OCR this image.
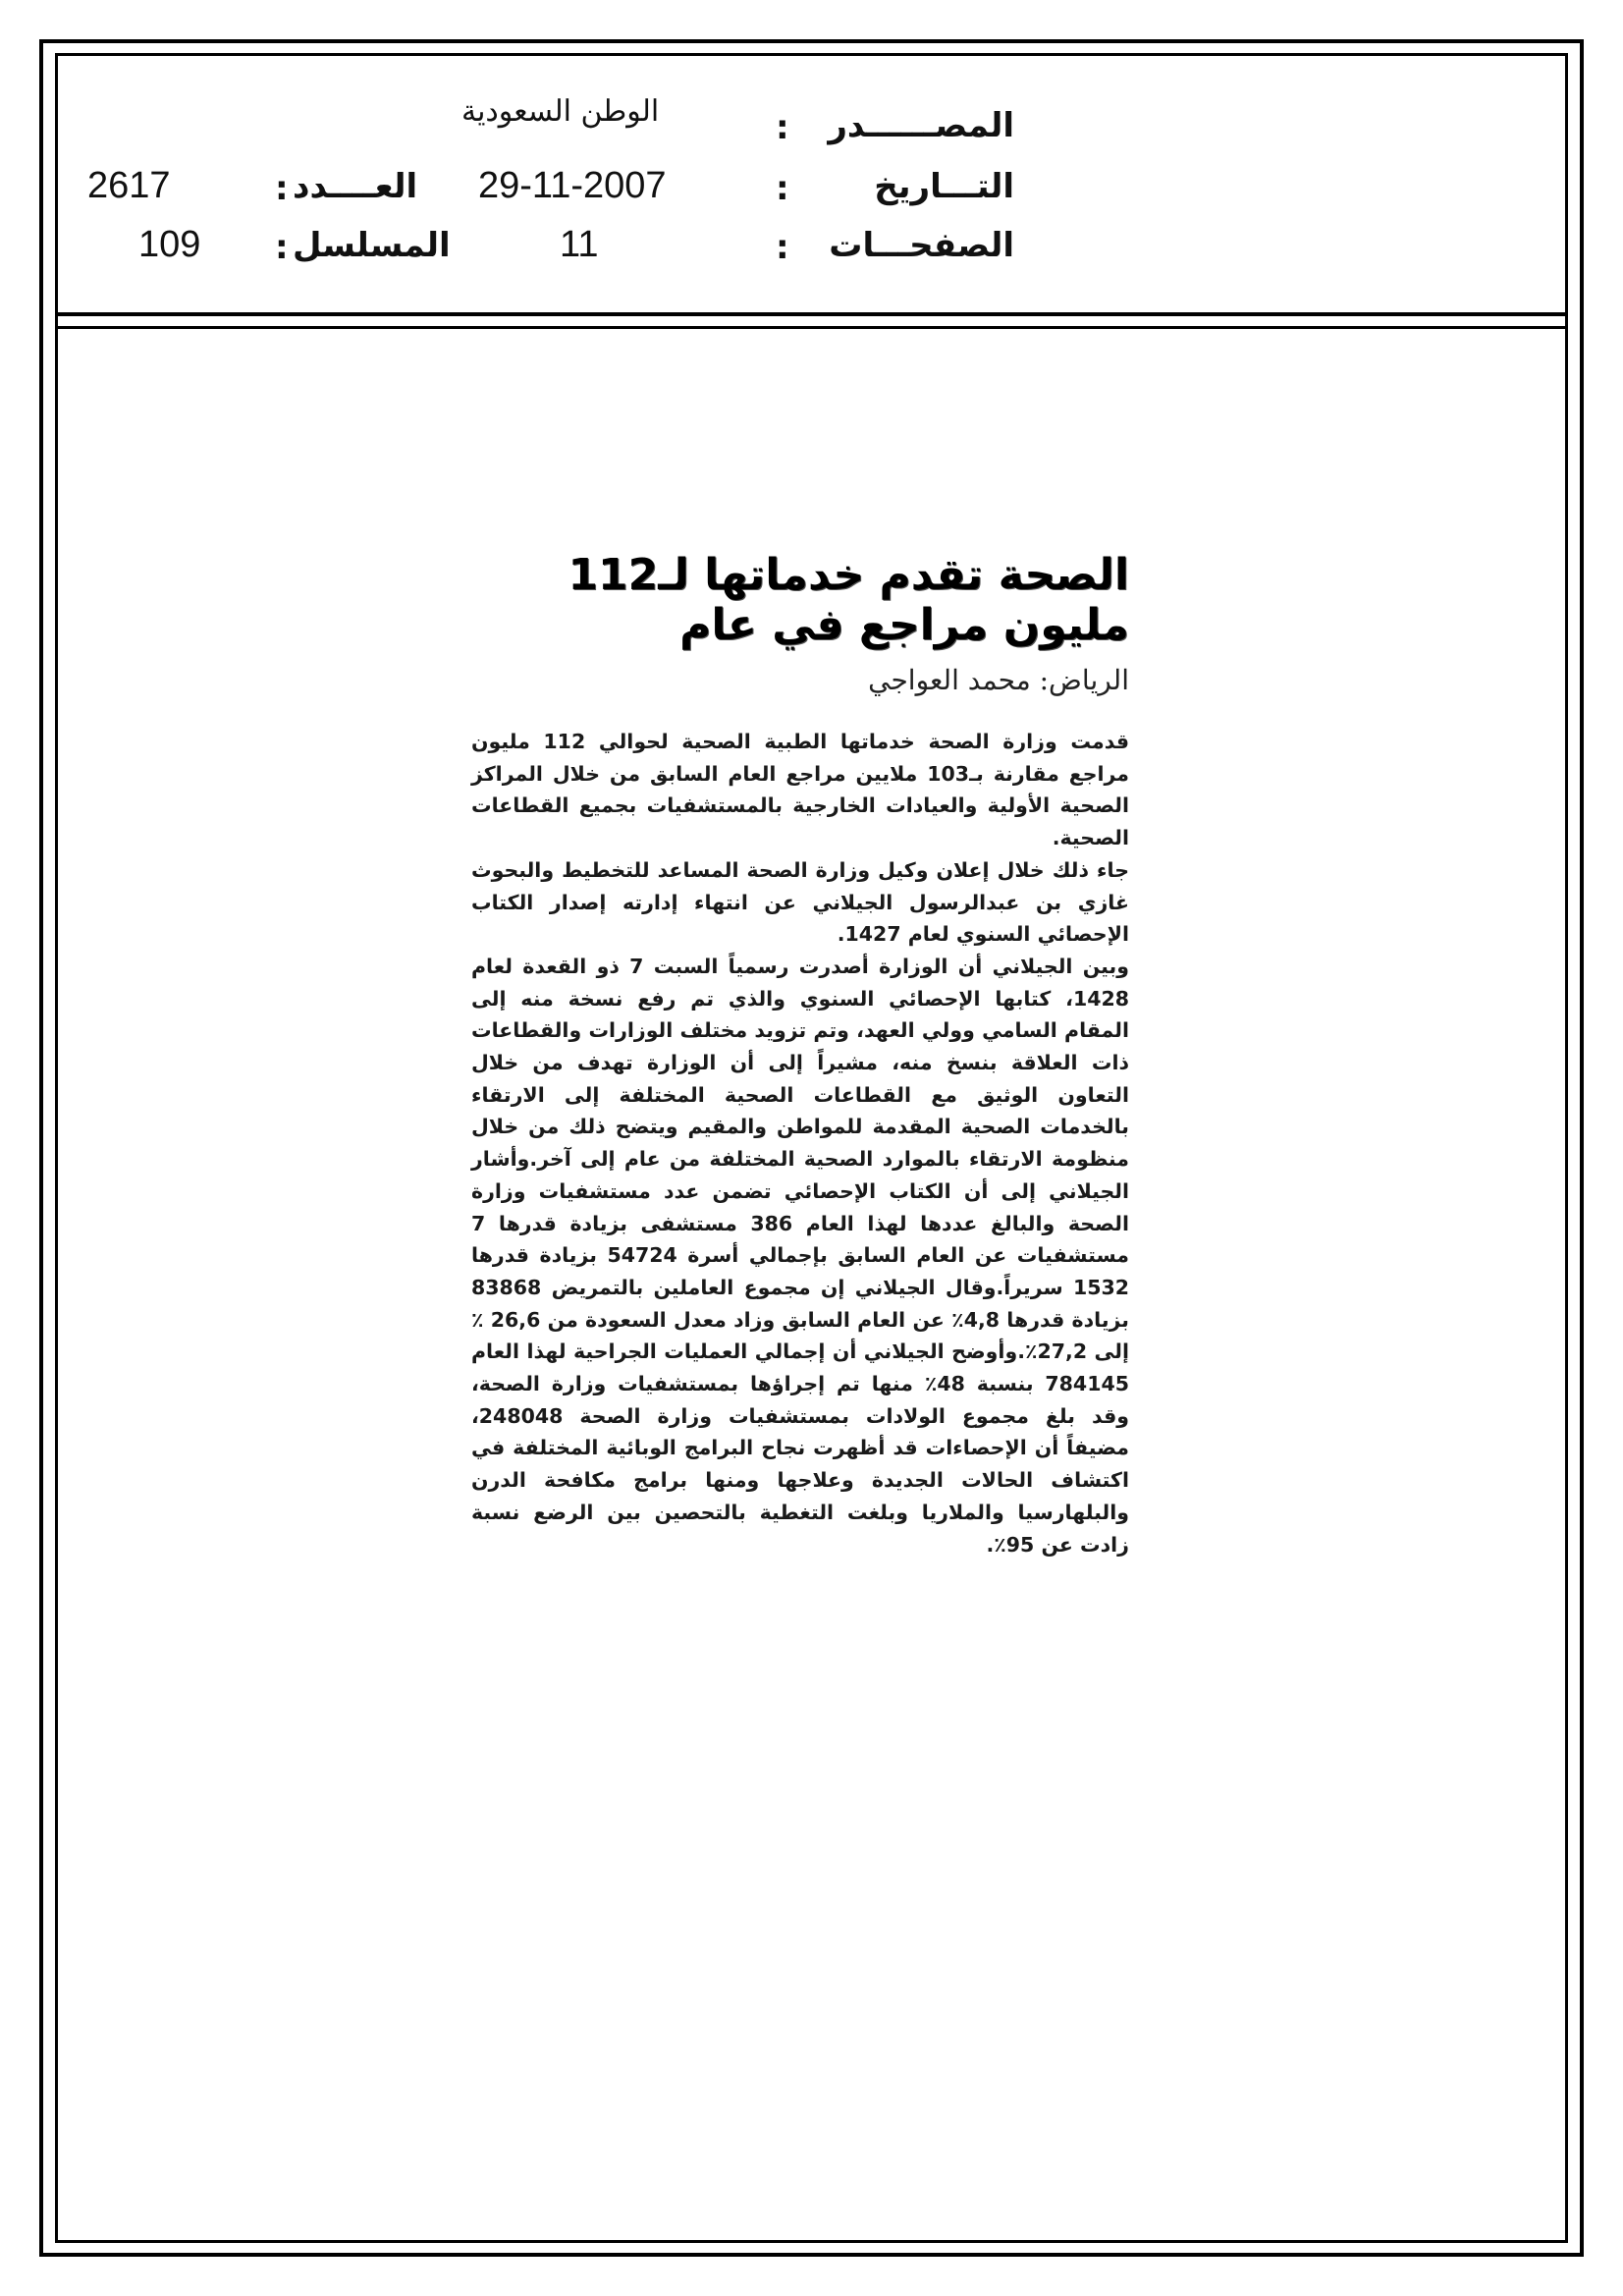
المصــــــدر
:
الوطن السعودية
التـــاريخ
:
29-11-2007
الصفحـــات
:
11
العــــدد
:
2617
المسلسل
:
109
الصحة تقدم خدماتها لـ112 مليون مراجع في عام
الرياض: محمد العواجي

قدمت وزارة الصحة خدماتها الطبية الصحية لحوالي 112 مليون مراجع مقارنة بـ103 ملايين مراجع العام السابق من خلال المراكز الصحية الأولية والعيادات الخارجية بالمستشفيات بجميع القطاعات الصحية.

جاء ذلك خلال إعلان وكيل وزارة الصحة المساعد للتخطيط والبحوث غازي بن عبدالرسول الجيلاني عن انتهاء إدارته إصدار الكتاب الإحصائي السنوي لعام 1427.

وبين الجيلاني أن الوزارة أصدرت رسمياً السبت 7 ذو القعدة لعام 1428، كتابها الإحصائي السنوي والذي تم رفع نسخة منه إلى المقام السامي وولي العهد، وتم تزويد مختلف الوزارات والقطاعات ذات العلاقة بنسخ منه، مشيراً إلى أن الوزارة تهدف من خلال التعاون الوثيق مع القطاعات الصحية المختلفة إلى الارتقاء بالخدمات الصحية المقدمة للمواطن والمقيم ويتضح ذلك من خلال منظومة الارتقاء بالموارد الصحية المختلفة من عام إلى آخر.وأشار الجيلاني إلى أن الكتاب الإحصائي تضمن عدد مستشفيات وزارة الصحة والبالغ عددها لهذا العام 386 مستشفى بزيادة قدرها 7 مستشفيات عن العام السابق بإجمالي أسرة 54724 بزيادة قدرها 1532 سريراً.وقال الجيلاني إن مجموع العاملين بالتمريض 83868 بزيادة قدرها 4,8٪ عن العام السابق وزاد معدل السعودة من 26,6 ٪ إلى 27,2٪.وأوضح الجيلاني أن إجمالي العمليات الجراحية لهذا العام 784145 بنسبة 48٪ منها تم إجراؤها بمستشفيات وزارة الصحة، وقد بلغ مجموع الولادات بمستشفيات وزارة الصحة 248048، مضيفاً أن الإحصاءات قد أظهرت نجاح البرامج الوبائية المختلفة في اكتشاف الحالات الجديدة وعلاجها ومنها برامج مكافحة الدرن والبلهارسيا والملاريا وبلغت التغطية بالتحصين بين الرضع نسبة زادت عن 95٪.
